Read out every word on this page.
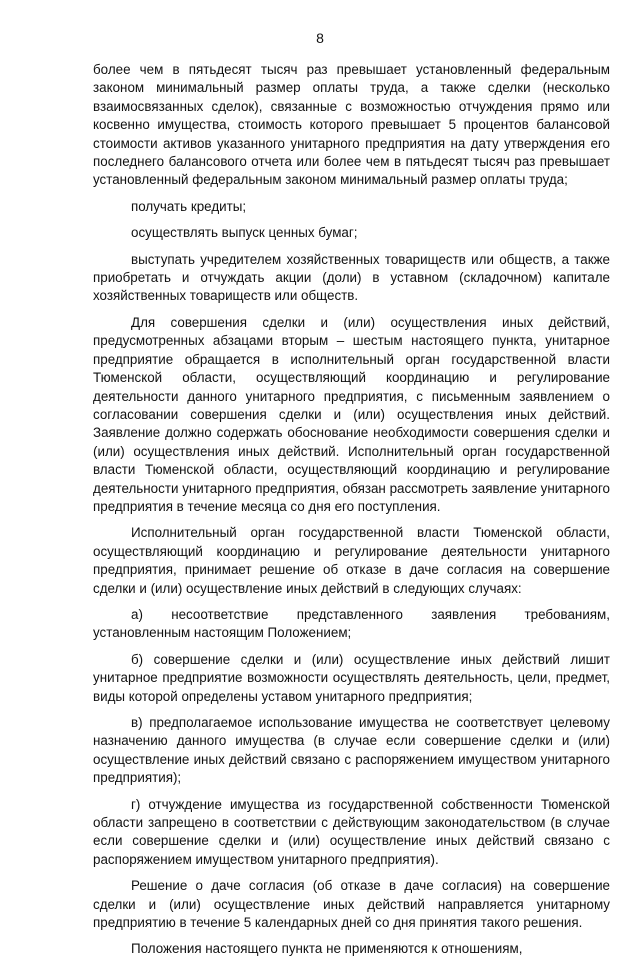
8

более чем в пятьдесят тысяч раз превышает установленный федеральным законом минимальный размер оплаты труда, а также сделки (несколько взаимосвязанных сделок), связанные с возможностью отчуждения прямо или косвенно имущества, стоимость которого превышает 5 процентов балансовой стоимости активов указанного унитарного предприятия на дату утверждения его последнего балансового отчета или более чем в пятьдесят тысяч раз превышает установленный федеральным законом минимальный размер оплаты труда;

получать кредиты;

осуществлять выпуск ценных бумаг;

выступать учредителем хозяйственных товариществ или обществ, а также приобретать и отчуждать акции (доли) в уставном (складочном) капитале хозяйственных товариществ или обществ.

Для совершения сделки и (или) осуществления иных действий, предусмотренных абзацами вторым – шестым настоящего пункта, унитарное предприятие обращается в исполнительный орган государственной власти Тюменской области, осуществляющий координацию и регулирование деятельности данного унитарного предприятия, с письменным заявлением о согласовании совершения сделки и (или) осуществления иных действий. Заявление должно содержать обоснование необходимости совершения сделки и (или) осуществления иных действий. Исполнительный орган государственной власти Тюменской области, осуществляющий координацию и регулирование деятельности унитарного предприятия, обязан рассмотреть заявление унитарного предприятия в течение месяца со дня его поступления.

Исполнительный орган государственной власти Тюменской области, осуществляющий координацию и регулирование деятельности унитарного предприятия, принимает решение об отказе в даче согласия на совершение сделки и (или) осуществление иных действий в следующих случаях:

а) несоответствие представленного заявления требованиям, установленным настоящим Положением;

б) совершение сделки и (или) осуществление иных действий лишит унитарное предприятие возможности осуществлять деятельность, цели, предмет, виды которой определены уставом унитарного предприятия;

в) предполагаемое использование имущества не соответствует целевому назначению данного имущества (в случае если совершение сделки и (или) осуществление иных действий связано с распоряжением имуществом унитарного предприятия);

г) отчуждение имущества из государственной собственности Тюменской области запрещено в соответствии с действующим законодательством (в случае если совершение сделки и (или) осуществление иных действий связано с распоряжением имуществом унитарного предприятия).

Решение о даче согласия (об отказе в даче согласия) на совершение сделки и (или) осуществление иных действий направляется унитарному предприятию в течение 5 календарных дней со дня принятия такого решения.

Положения настоящего пункта не применяются к отношениям,
